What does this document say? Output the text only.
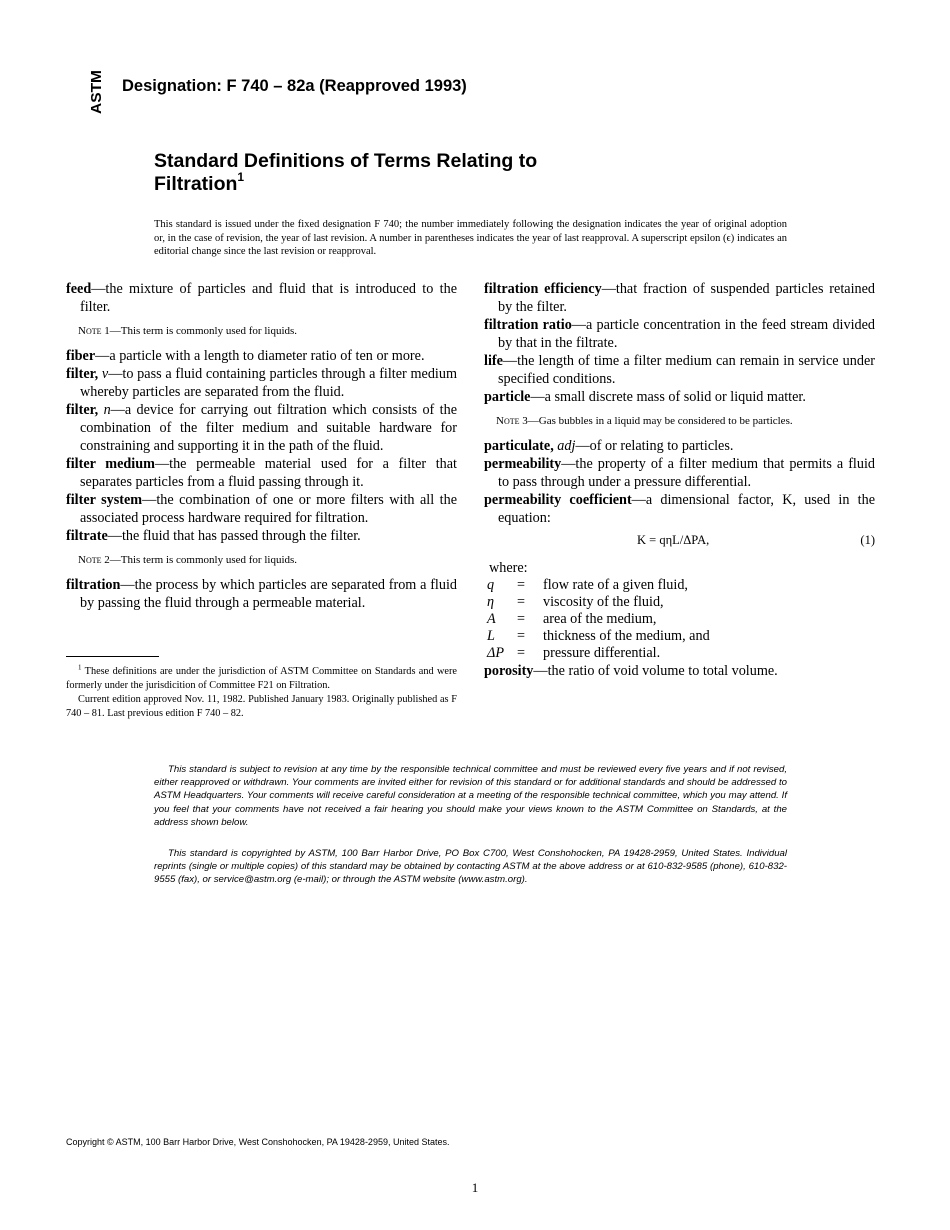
ASTM Designation: F 740 – 82a (Reapproved 1993)
Standard Definitions of Terms Relating to
Filtration$^1$
This standard is issued under the fixed designation F 740; the number immediately following the designation indicates the year of original adoption or, in the case of revision, the year of last revision. A number in parentheses indicates the year of last reapproval. A superscript epsilon (ϵ) indicates an editorial change since the last revision or reapproval.

feed—the mixture of particles and fluid that is introduced to the filter.

Note 1—This term is commonly used for liquids.

fiber—a particle with a length to diameter ratio of ten or more.

filter, v—to pass a fluid containing particles through a filter medium whereby particles are separated from the fluid.

filter, n—a device for carrying out filtration which consists of the combination of the filter medium and suitable hardware for constraining and supporting it in the path of the fluid.

filter medium—the permeable material used for a filter that separates particles from a fluid passing through it.

filter system—the combination of one or more filters with all the associated process hardware required for filtration.

filtrate—the fluid that has passed through the filter.

Note 2—This term is commonly used for liquids.

filtration—the process by which particles are separated from a fluid by passing the fluid through a permeable material.

filtration efficiency—that fraction of suspended particles retained by the filter.

filtration ratio—a particle concentration in the feed stream divided by that in the filtrate.

life—the length of time a filter medium can remain in service under specified conditions.

particle—a small discrete mass of solid or liquid matter.

Note 3—Gas bubbles in a liquid may be considered to be particles.

particulate, adj—of or relating to particles.

permeability—the property of a filter medium that permits a fluid to pass through under a pressure differential.

permeability coefficient—a dimensional factor, K, used in the equation:

K = qηL/ΔPA,	(1)

where:

q	=	flow rate of a given fluid,
η	=	viscosity of the fluid,
A	=	area of the medium,
L	=	thickness of the medium, and
ΔP	=	pressure differential.

porosity—the ratio of void volume to total volume.

$^1$ These definitions are under the jurisdiction of ASTM Committee on Standards and were formerly under the jurisdicition of Committee F21 on Filtration.

Current edition approved Nov. 11, 1982. Published January 1983. Originally published as F 740 – 81. Last previous edition F 740 – 82.

This standard is subject to revision at any time by the responsible technical committee and must be reviewed every five years and if not revised, either reapproved or withdrawn. Your comments are invited either for revision of this standard or for additional standards and should be addressed to ASTM Headquarters. Your comments will receive careful consideration at a meeting of the responsible technical committee, which you may attend. If you feel that your comments have not received a fair hearing you should make your views known to the ASTM Committee on Standards, at the address shown below.

This standard is copyrighted by ASTM, 100 Barr Harbor Drive, PO Box C700, West Conshohocken, PA 19428-2959, United States. Individual reprints (single or multiple copies) of this standard may be obtained by contacting ASTM at the above address or at 610-832-9585 (phone), 610-832-9555 (fax), or service@astm.org (e-mail); or through the ASTM website (www.astm.org).

Copyright © ASTM, 100 Barr Harbor Drive, West Conshohocken, PA 19428-2959, United States.
1
